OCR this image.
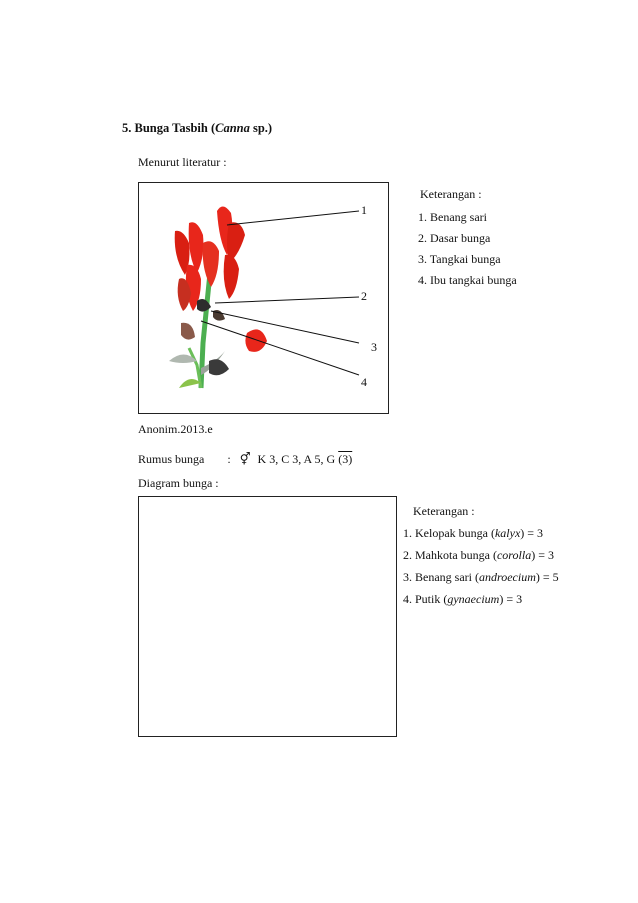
5. Bunga Tasbih (Canna sp.)
Menurut literatur :
1
2
3
4
Keterangan :
1. Benang sari
2. Dasar bunga
3. Tangkai bunga
4. Ibu tangkai bunga
Anonim.2013.e
Rumus bunga : ⚥ K 3, C 3, A 5, G (3)
Diagram bunga :
Keterangan :
1. Kelopak bunga (kalyx) = 3
2. Mahkota bunga (corolla) = 3
3. Benang sari (androecium) = 5
4. Putik (gynaecium) = 3
